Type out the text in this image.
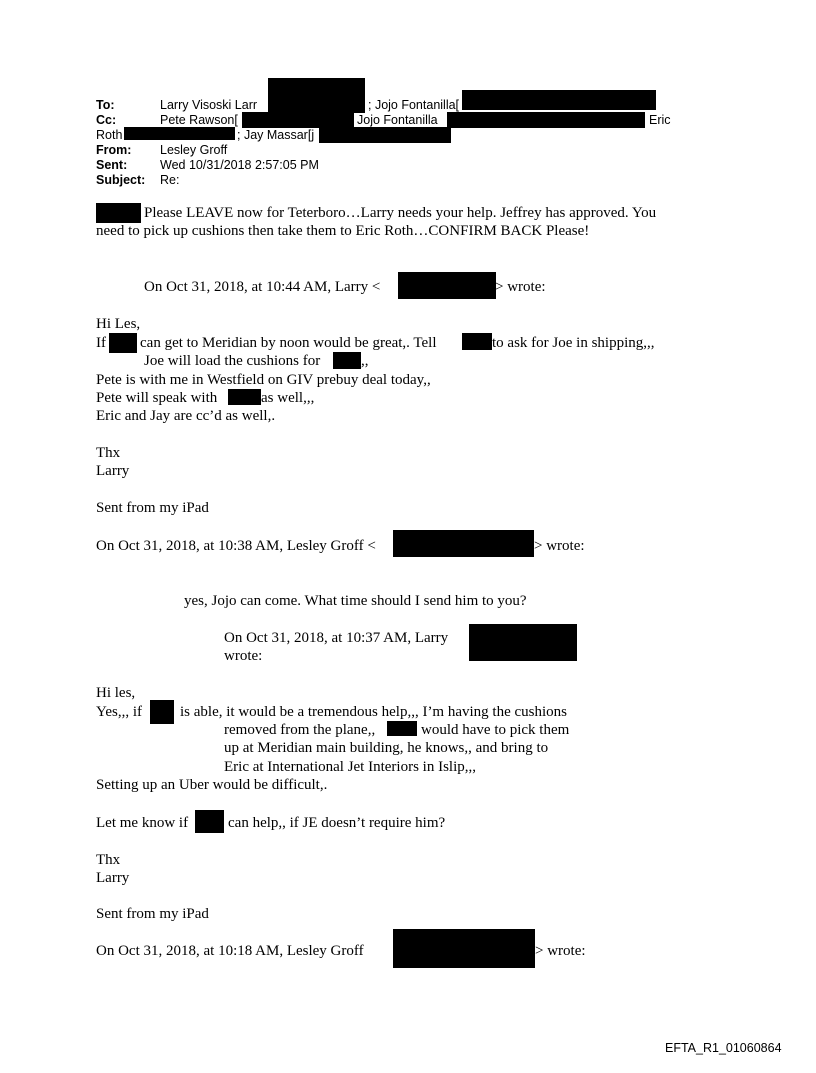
To:	Larry Visoski Larr	; Jojo Fontanilla[
Cc:	Pete Rawson[	Jojo Fontanilla	Eric
Roth	; Jay Massar[j
From: Lesley Groff
Sent:	Wed 10/31/2018 2:57:05 PM
Subject: Re:
Please LEAVE now for Teterboro…Larry needs your help. Jeffrey has approved. You
need to pick up cushions then take them to Eric Roth…CONFIRM BACK Please!
On Oct 31, 2018, at 10:44 AM, Larry <	> wrote:
Hi Les,
If can get to Meridian by noon would be great,. Tell	to ask for Joe in shipping,,,
Joe will load the cushions for	,,
Pete is with me in Westfield on GIV prebuy deal today,,
Pete will speak with	as well,,,
Eric and Jay are cc’d as well,.
Thx
Larry
Sent from my iPad
On Oct 31, 2018, at 10:38 AM, Lesley Groff <	> wrote:
yes, Jojo can come. What time should I send him to you?
On Oct 31, 2018, at 10:37 AM, Larry
wrote:
Hi les,
Yes,,, if	is able, it would be a tremendous help,,, I’m having the cushions
removed from the plane,,	would have to pick them
up at Meridian main building, he knows,, and bring to
Eric at International Jet Interiors in Islip,,,
Setting up an Uber would be difficult,.
Let me know if	can help,, if JE doesn’t require him?
Thx
Larry
Sent from my iPad
On Oct 31, 2018, at 10:18 AM, Lesley Groff	> wrote:
EFTA_R1_01060864
